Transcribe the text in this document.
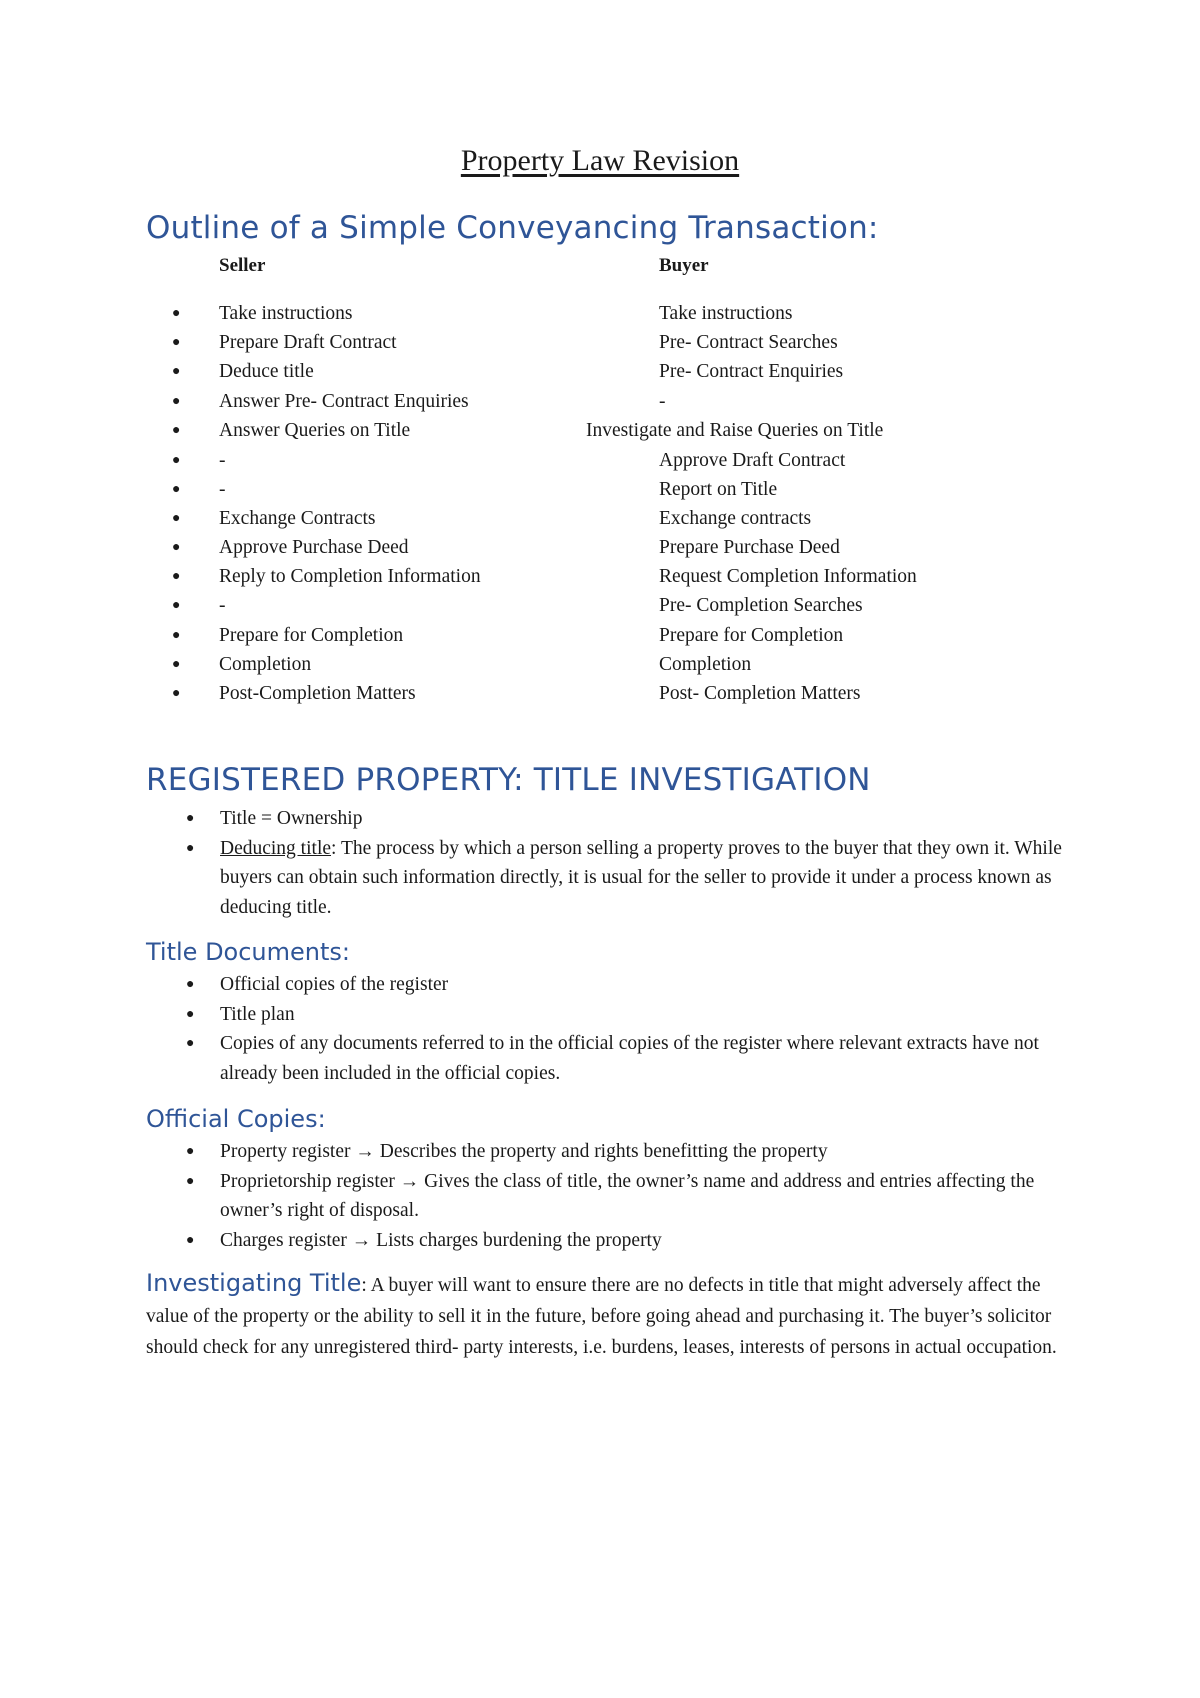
Property Law Revision
Outline of a Simple Conveyancing Transaction:
Seller	Buyer
● Take instructions	Take instructions
● Prepare Draft Contract	Pre- Contract Searches
● Deduce title	Pre- Contract Enquiries
● Answer Pre- Contract Enquiries	-
● Answer Queries on Title	Investigate and Raise Queries on Title
● -	Approve Draft Contract
● -	Report on Title
● Exchange Contracts	Exchange contracts
● Approve Purchase Deed	Prepare Purchase Deed
● Reply to Completion Information	Request Completion Information
● -	Pre- Completion Searches
● Prepare for Completion	Prepare for Completion
● Completion	Completion
● Post-Completion Matters	Post- Completion Matters
REGISTERED PROPERTY: TITLE INVESTIGATION
● Title = Ownership
● Deducing title: The process by which a person selling a property proves to the buyer that they own it. While buyers can obtain such information directly, it is usual for the seller to provide it under a process known as deducing title.
Title Documents:
● Official copies of the register
● Title plan
● Copies of any documents referred to in the official copies of the register where relevant extracts have not already been included in the official copies.
Official Copies:
● Property register → Describes the property and rights benefitting the property
● Proprietorship register → Gives the class of title, the owner’s name and address and entries affecting the owner’s right of disposal.
● Charges register → Lists charges burdening the property
Investigating Title: A buyer will want to ensure there are no defects in title that might adversely affect the value of the property or the ability to sell it in the future, before going ahead and purchasing it. The buyer’s solicitor should check for any unregistered third- party interests, i.e. burdens, leases, interests of persons in actual occupation.
